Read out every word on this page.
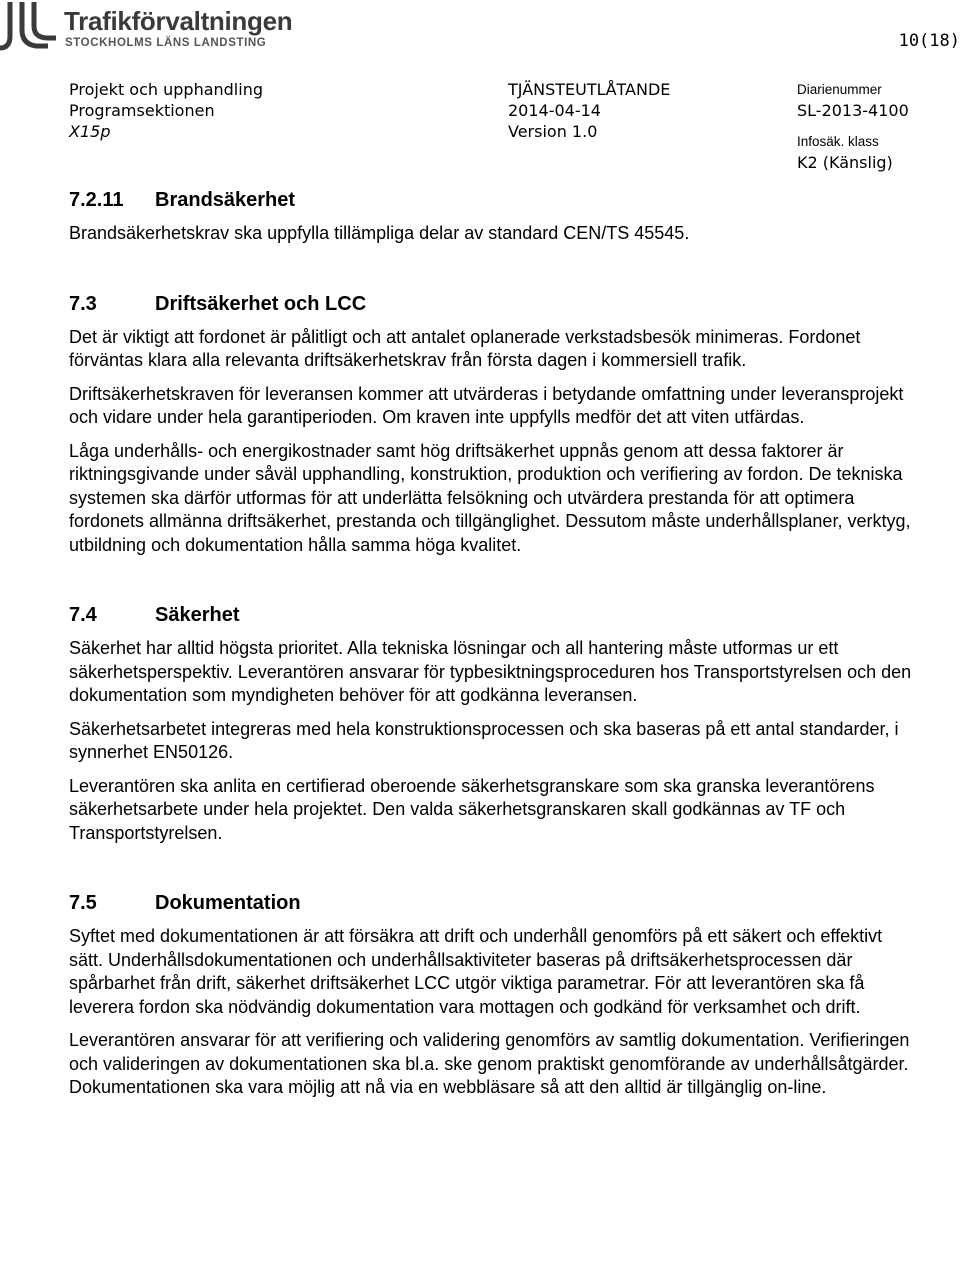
Trafikförvaltningen
STOCKHOLMS LÄNS LANDSTING	10(18)
Projekt och upphandling
Programsektionen
X15p
TJÄNSTEUTLÅTANDE
2014-04-14
Version 1.0
Diarienummer
SL-2013-4100
Infosäk. klass
K2 (Känslig)
7.2.11	Brandsäkerhet

Brandsäkerhetskrav ska uppfylla tillämpliga delar av standard CEN/TS 45545.

7.3	Driftsäkerhet och LCC

Det är viktigt att fordonet är pålitligt och att antalet oplanerade verkstadsbesök minimeras. Fordonet förväntas klara alla relevanta driftsäkerhetskrav från första dagen i kommersiell trafik.

Driftsäkerhetskraven för leveransen kommer att utvärderas i betydande omfattning under leveransprojekt och vidare under hela garantiperioden. Om kraven inte uppfylls medför det att viten utfärdas.

Låga underhålls- och energikostnader samt hög driftsäkerhet uppnås genom att dessa faktorer är riktningsgivande under såväl upphandling, konstruktion, produktion och verifiering av fordon. De tekniska systemen ska därför utformas för att underlätta felsökning och utvärdera prestanda för att optimera fordonets allmänna driftsäkerhet, prestanda och tillgänglighet. Dessutom måste underhållsplaner, verktyg, utbildning och dokumentation hålla samma höga kvalitet.

7.4	Säkerhet

Säkerhet har alltid högsta prioritet. Alla tekniska lösningar och all hantering måste utformas ur ett säkerhetsperspektiv. Leverantören ansvarar för typbesiktningsproceduren hos Transportstyrelsen och den dokumentation som myndigheten behöver för att godkänna leveransen.

Säkerhetsarbetet integreras med hela konstruktionsprocessen och ska baseras på ett antal standarder, i synnerhet EN50126.

Leverantören ska anlita en certifierad oberoende säkerhetsgranskare som ska granska leverantörens säkerhetsarbete under hela projektet. Den valda säkerhetsgranskaren skall godkännas av TF och Transportstyrelsen.

7.5	Dokumentation

Syftet med dokumentationen är att försäkra att drift och underhåll genomförs på ett säkert och effektivt sätt. Underhållsdokumentationen och underhållsaktiviteter baseras på driftsäkerhetsprocessen där spårbarhet från drift, säkerhet driftsäkerhet LCC utgör viktiga parametrar. För att leverantören ska få leverera fordon ska nödvändig dokumentation vara mottagen och godkänd för verksamhet och drift.

Leverantören ansvarar för att verifiering och validering genomförs av samtlig dokumentation. Verifieringen och valideringen av dokumentationen ska bl.a. ske genom praktiskt genomförande av underhållsåtgärder. Dokumentationen ska vara möjlig att nå via en webbläsare så att den alltid är tillgänglig on-line.
